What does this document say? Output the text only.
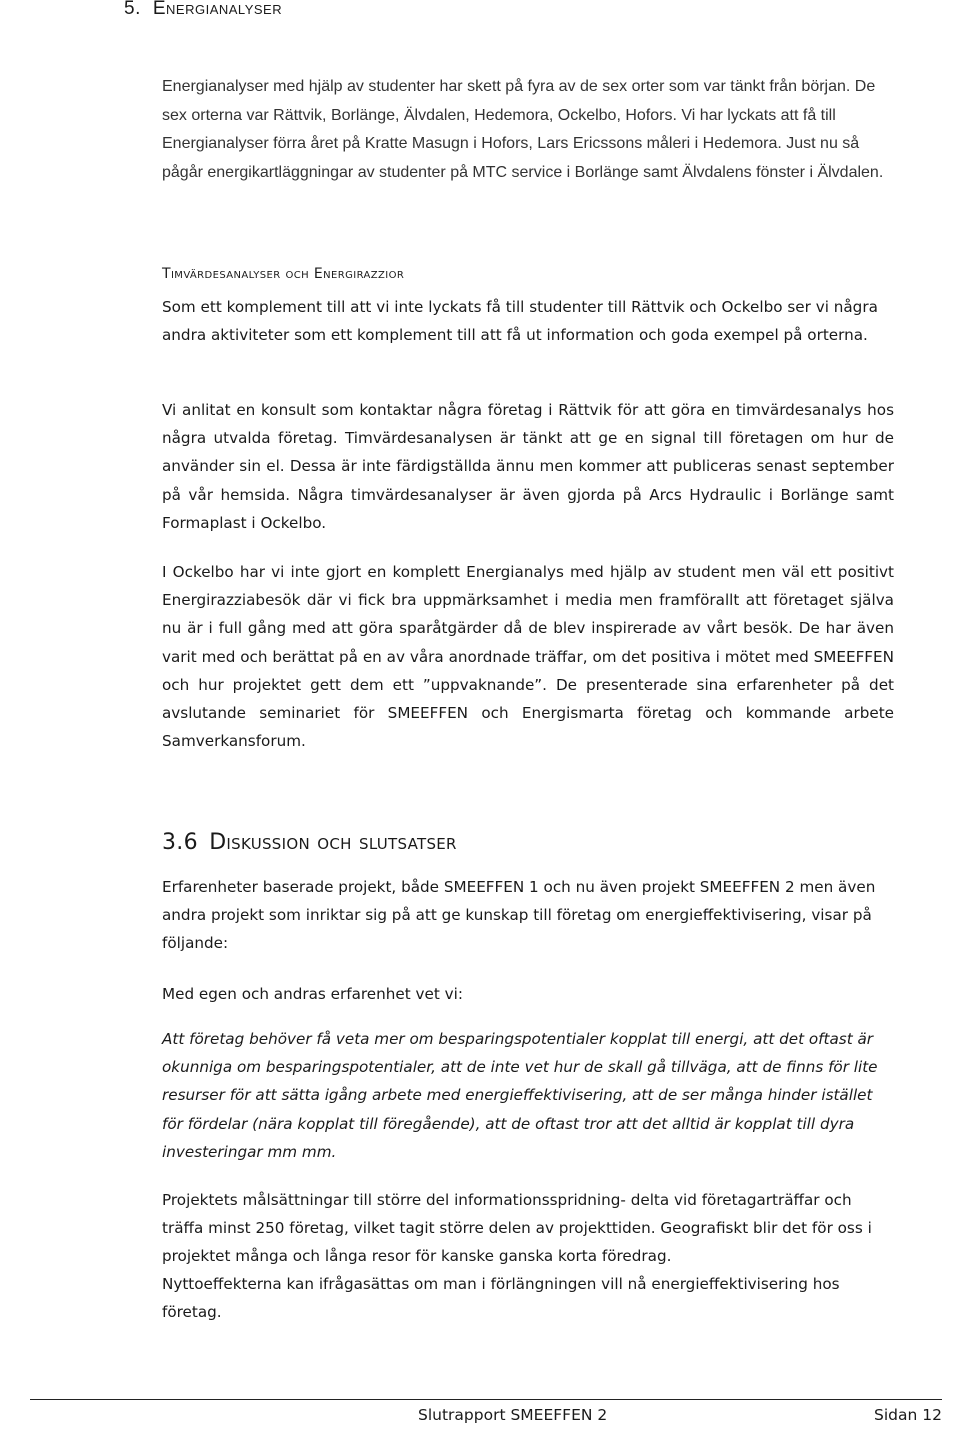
5. Energianalyser

Energianalyser med hjälp av studenter har skett på fyra av de sex orter som var tänkt från början. De sex orterna var Rättvik, Borlänge, Älvdalen, Hedemora, Ockelbo, Hofors. Vi har lyckats att få till Energianalyser förra året på Kratte Masugn i Hofors, Lars Ericssons måleri i Hedemora. Just nu så pågår energikartläggningar av studenter på MTC service i Borlänge samt Älvdalens fönster i Älvdalen.

Timvärdesanalyser och Energirazzior

Som ett komplement till att vi inte lyckats få till studenter till Rättvik och Ockelbo ser vi några andra aktiviteter som ett komplement till att få ut information och goda exempel på orterna.

Vi anlitat en konsult som kontaktar några företag i Rättvik för att göra en timvärdesanalys hos några utvalda företag. Timvärdesanalysen är tänkt att ge en signal till företagen om hur de använder sin el. Dessa är inte färdigställda ännu men kommer att publiceras senast september på vår hemsida. Några timvärdesanalyser är även gjorda på Arcs Hydraulic i Borlänge samt Formaplast i Ockelbo.

I Ockelbo har vi inte gjort en komplett Energianalys med hjälp av student men väl ett positivt Energirazziabesök där vi fick bra uppmärksamhet i media men framförallt att företaget själva nu är i full gång med att göra sparåtgärder då de blev inspirerade av vårt besök. De har även varit med och berättat på en av våra anordnade träffar, om det positiva i mötet med SMEEFFEN och hur projektet gett dem ett ”uppvaknande”. De presenterade sina erfarenheter på det avslutande seminariet för SMEEFFEN och Energismarta företag och kommande arbete Samverkansforum.

3.6 Diskussion och slutsatser

Erfarenheter baserade projekt, både SMEEFFEN 1 och nu även projekt SMEEFFEN 2 men även andra projekt som inriktar sig på att ge kunskap till företag om energieffektivisering, visar på följande:

Med egen och andras erfarenhet vet vi:

Att företag behöver få veta mer om besparingspotentialer kopplat till energi, att det oftast är okunniga om besparingspotentialer, att de inte vet hur de skall gå tillväga, att de finns för lite resurser för att sätta igång arbete med energieffektivisering, att de ser många hinder istället för fördelar (nära kopplat till föregående), att de oftast tror att det alltid är kopplat till dyra investeringar mm mm.

Projektets målsättningar till större del informationsspridning- delta vid företagarträffar och träffa minst 250 företag, vilket tagit större delen av projekttiden. Geografiskt blir det för oss i projektet många och långa resor för kanske ganska korta föredrag.

Nyttoeffekterna kan ifrågasättas om man i förlängningen vill nå energieffektivisering hos företag.

Slutrapport SMEEFFEN 2	Sidan 12
